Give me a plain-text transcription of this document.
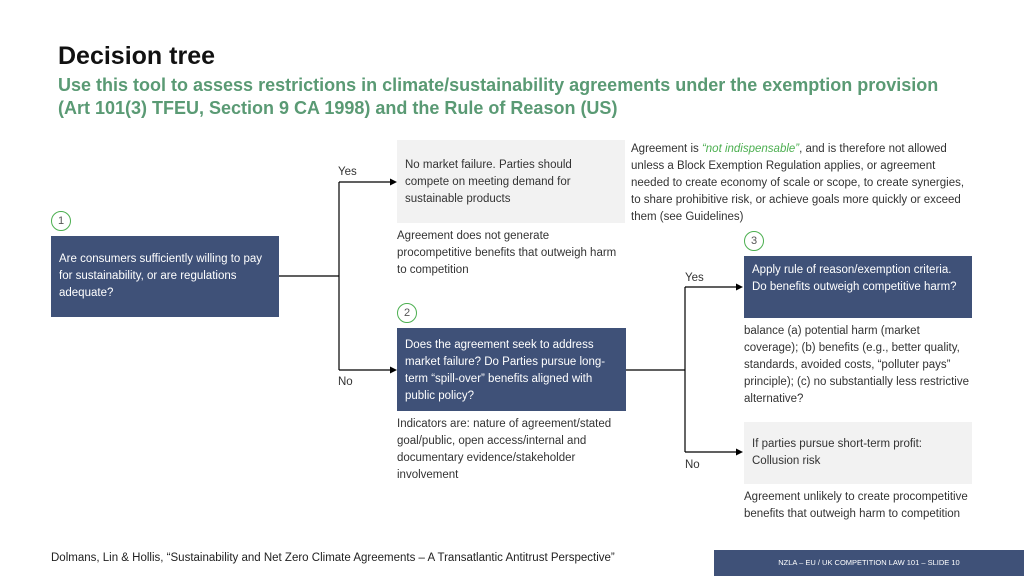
Decision tree
Use this tool to assess restrictions in climate/sustainability agreements under the exemption provision (Art 101(3) TFEU, Section 9 CA 1998) and the Rule of Reason (US)
1
Are consumers sufficiently willing to pay for sustainability, or are regulations adequate?
Yes
No
No market failure. Parties should compete on meeting demand for sustainable products
Agreement is “not indispensable”, and is therefore not allowed unless a Block Exemption Regulation applies, or agreement needed to create economy of scale or scope, to create synergies, to share prohibitive risk, or achieve goals more quickly or exceed them (see Guidelines)
Agreement does not generate procompetitive benefits that outweigh harm to competition
2
Does the agreement seek to address market failure? Do Parties pursue long-term “spill-over” benefits aligned with public policy?
Indicators are: nature of agreement/stated goal/public, open access/internal and documentary evidence/stakeholder involvement
3
Yes
Apply rule of reason/exemption criteria. Do benefits outweigh competitive harm?
balance (a) potential harm (market coverage); (b) benefits (e.g., better quality, standards, avoided costs, “polluter pays” principle); (c) no substantially less restrictive alternative?
No
If parties pursue short-term profit: Collusion risk
Agreement unlikely to create procompetitive benefits that outweigh harm to competition
Dolmans, Lin & Hollis, “Sustainability and Net Zero Climate Agreements – A Transatlantic Antitrust Perspective”	NZLA – EU / UK COMPETITION LAW 101 – SLIDE 10
